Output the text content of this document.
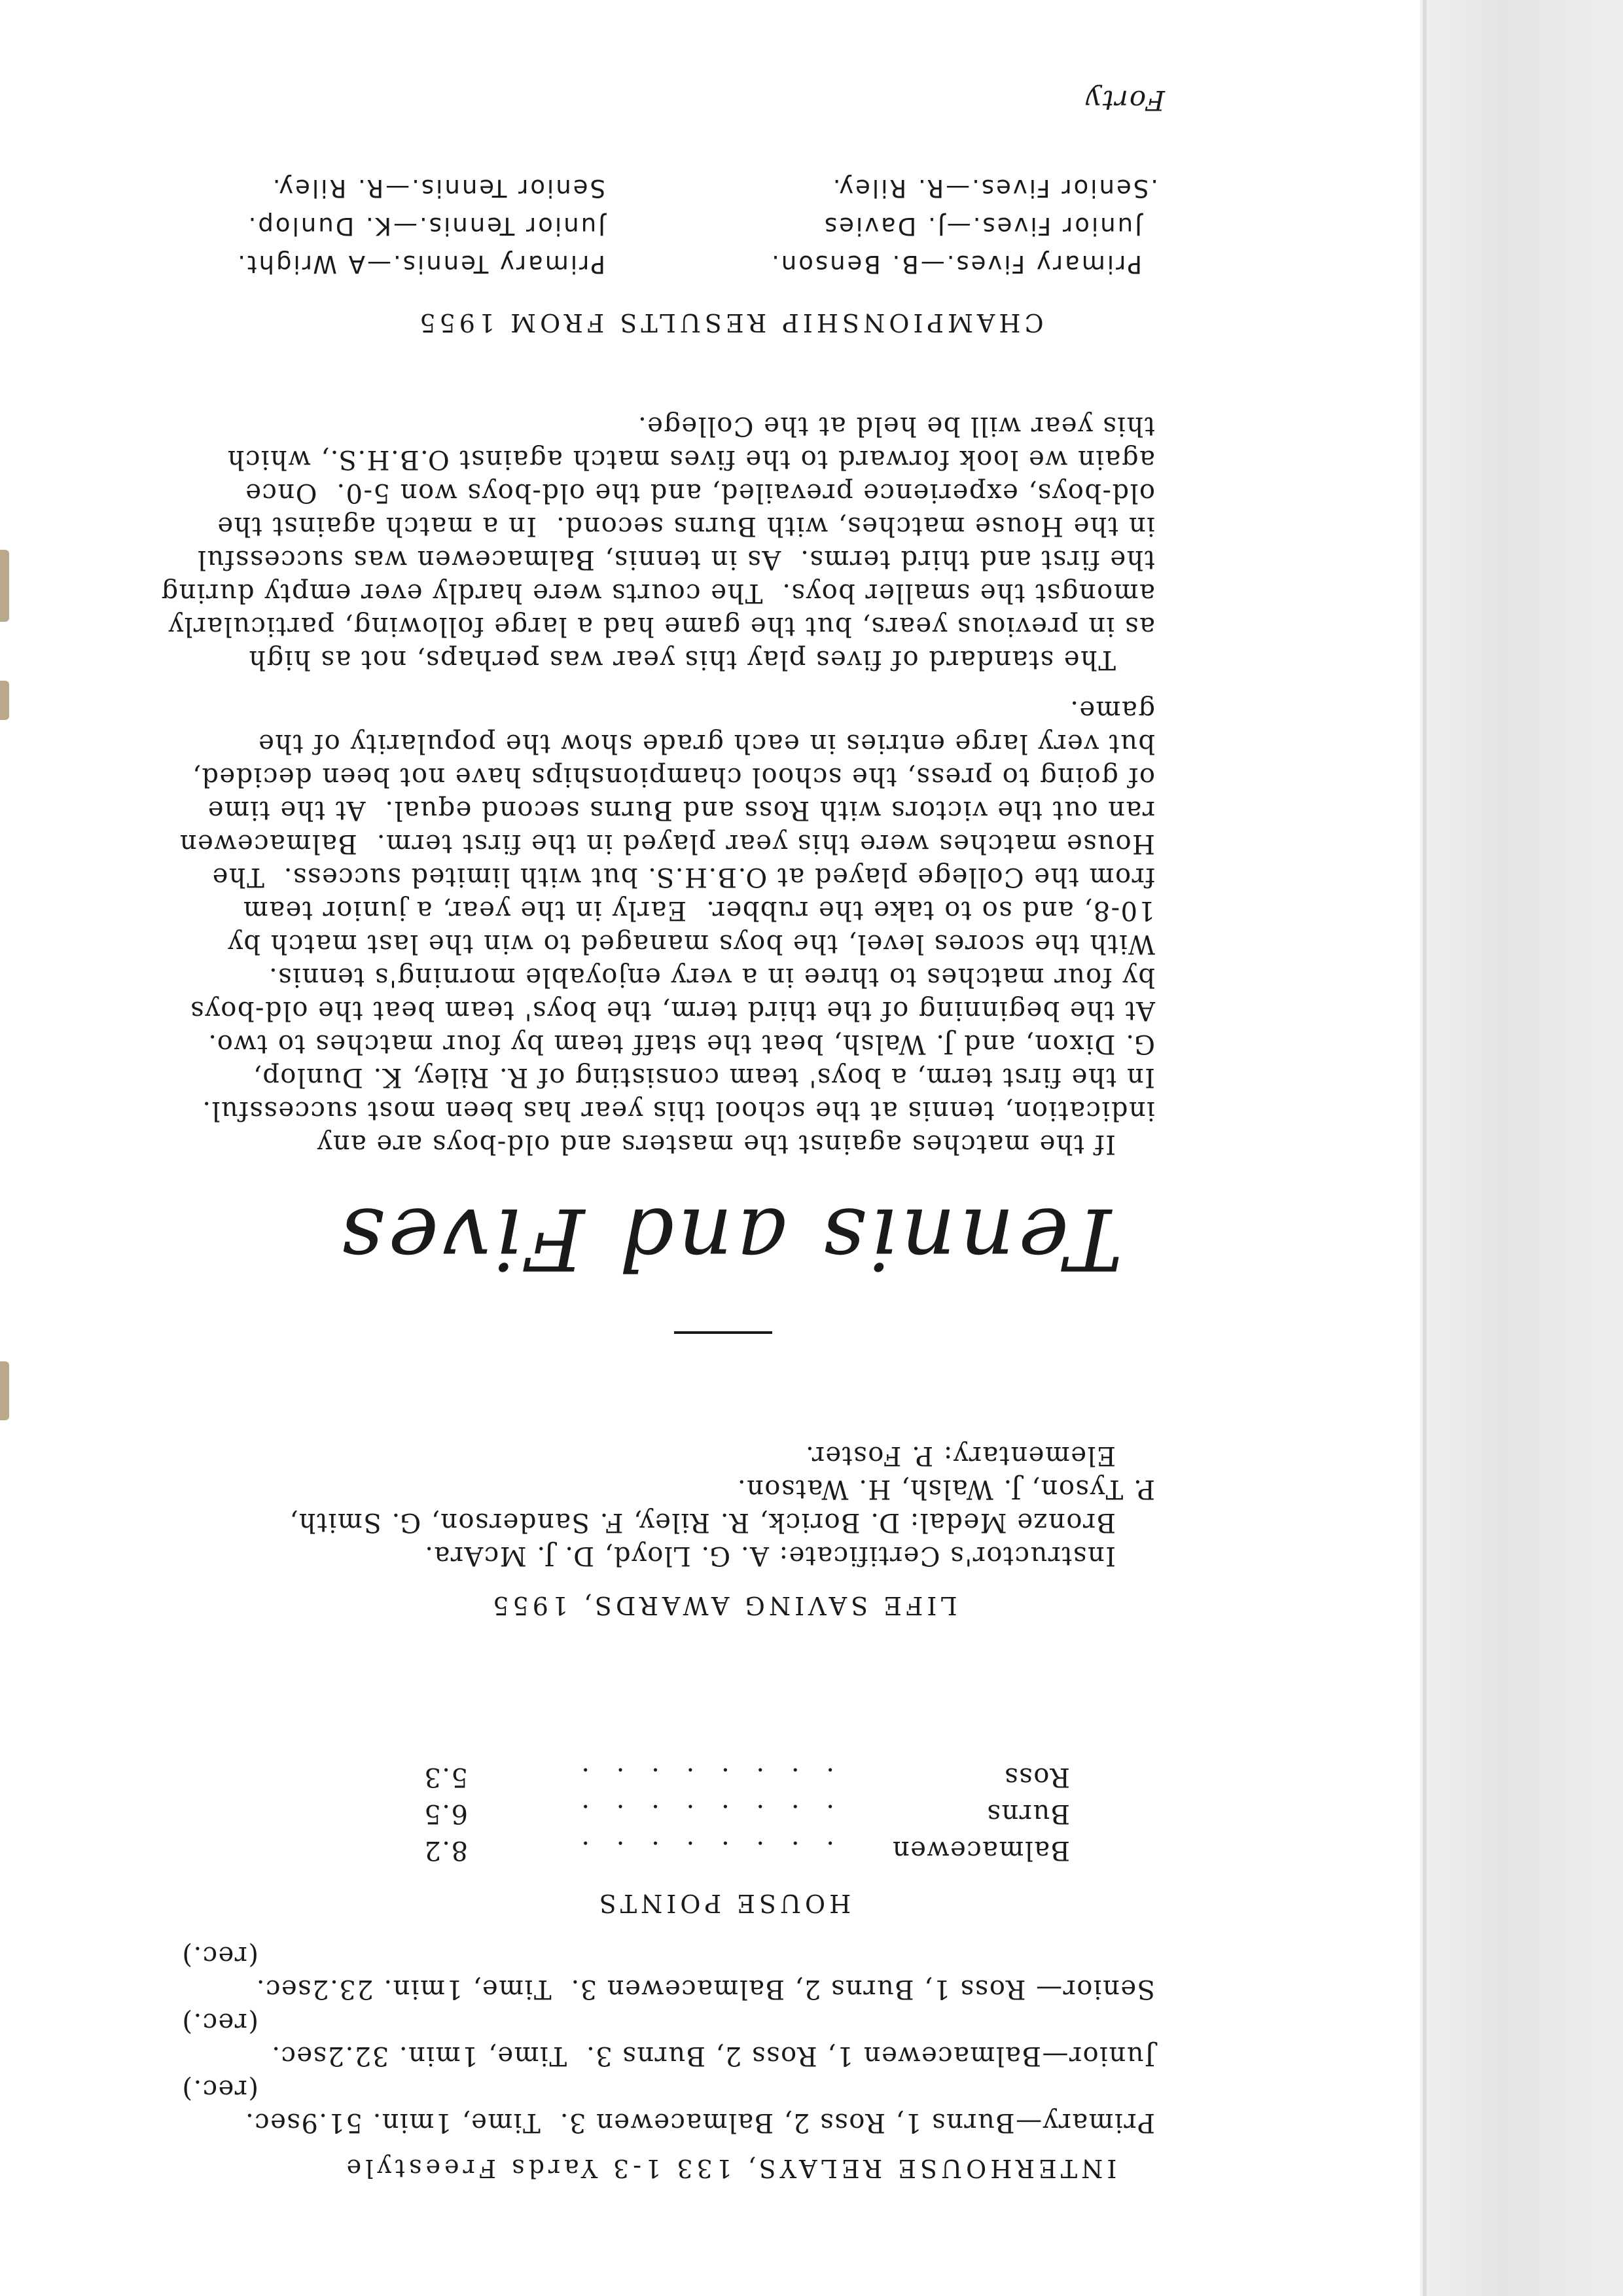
Forty
INTERHOUSE RELAYS, 133 1-3 Yards Freestyle
Primary—Burns 1, Ross 2, Balmacewen 3.  Time, 1min. 51.9sec.
(rec.)
Junior—Balmacewen 1, Ross 2, Burns 3.  Time, 1min. 32.2sec.
(rec.)
Senior— Ross 1, Burns 2, Balmacewen 3.  Time, 1min. 23.2sec.
(rec.)
HOUSE POINTS
Balmacewen
. . . . . . . .
8.2
Burns
. . . . . . . .
6.5
Ross
. . . . . . . .
5.3
LIFE SAVING AWARDS, 1955
Instructor's Certificate: A. G. Lloyd, D. J. McAra.
Bronze Medal: D. Borick, R. Riley, F. Sanderson, G. Smith,
P. Tyson, J. Walsh, H. Watson.
Elementary: P. Foster.
Tennis and Fives
If the matches against the masters and old-boys are any
indication, tennis at the school this year has been most successful.
In the first term, a boys' team consisting of R. Riley, K. Dunlop,
G. Dixon, and J. Walsh, beat the staff team by four matches to two.
At the beginning of the third term, the boys' team beat the old-boys
by four matches to three in a very enjoyable morning's tennis.
With the scores level, the boys managed to win the last match by
10-8, and so to take the rubber.  Early in the year, a junior team
from the College played at O.B.H.S. but with limited success.  The
House matches were this year played in the first term.  Balmacewen
ran out the victors with Ross and Burns second equal.  At the time
of going to press, the school championships have not been decided,
but very large entries in each grade show the popularity of the
game.
The standard of fives play this year was perhaps, not as high
as in previous years, but the game had a large following, particularly
amongst the smaller boys.  The courts were hardly ever empty during
the first and third terms.  As in tennis, Balmacewen was successful
in the House matches, with Burns second.  In a match against the
old-boys, experience prevailed, and the old-boys won 5-0.  Once
again we look forward to the fives match against O.B.H.S., which
this year will be held at the College.
CHAMPIONSHIP RESULTS FROM 1955
Primary Fives.—B. Benson.
Primary Tennis.—A Wright.
Junior Fives.—J. Davies
Junior Tennis.—K. Dunlop.
.Senior Fives.—R. Riley.
Senior Tennis.—R. Riley.
